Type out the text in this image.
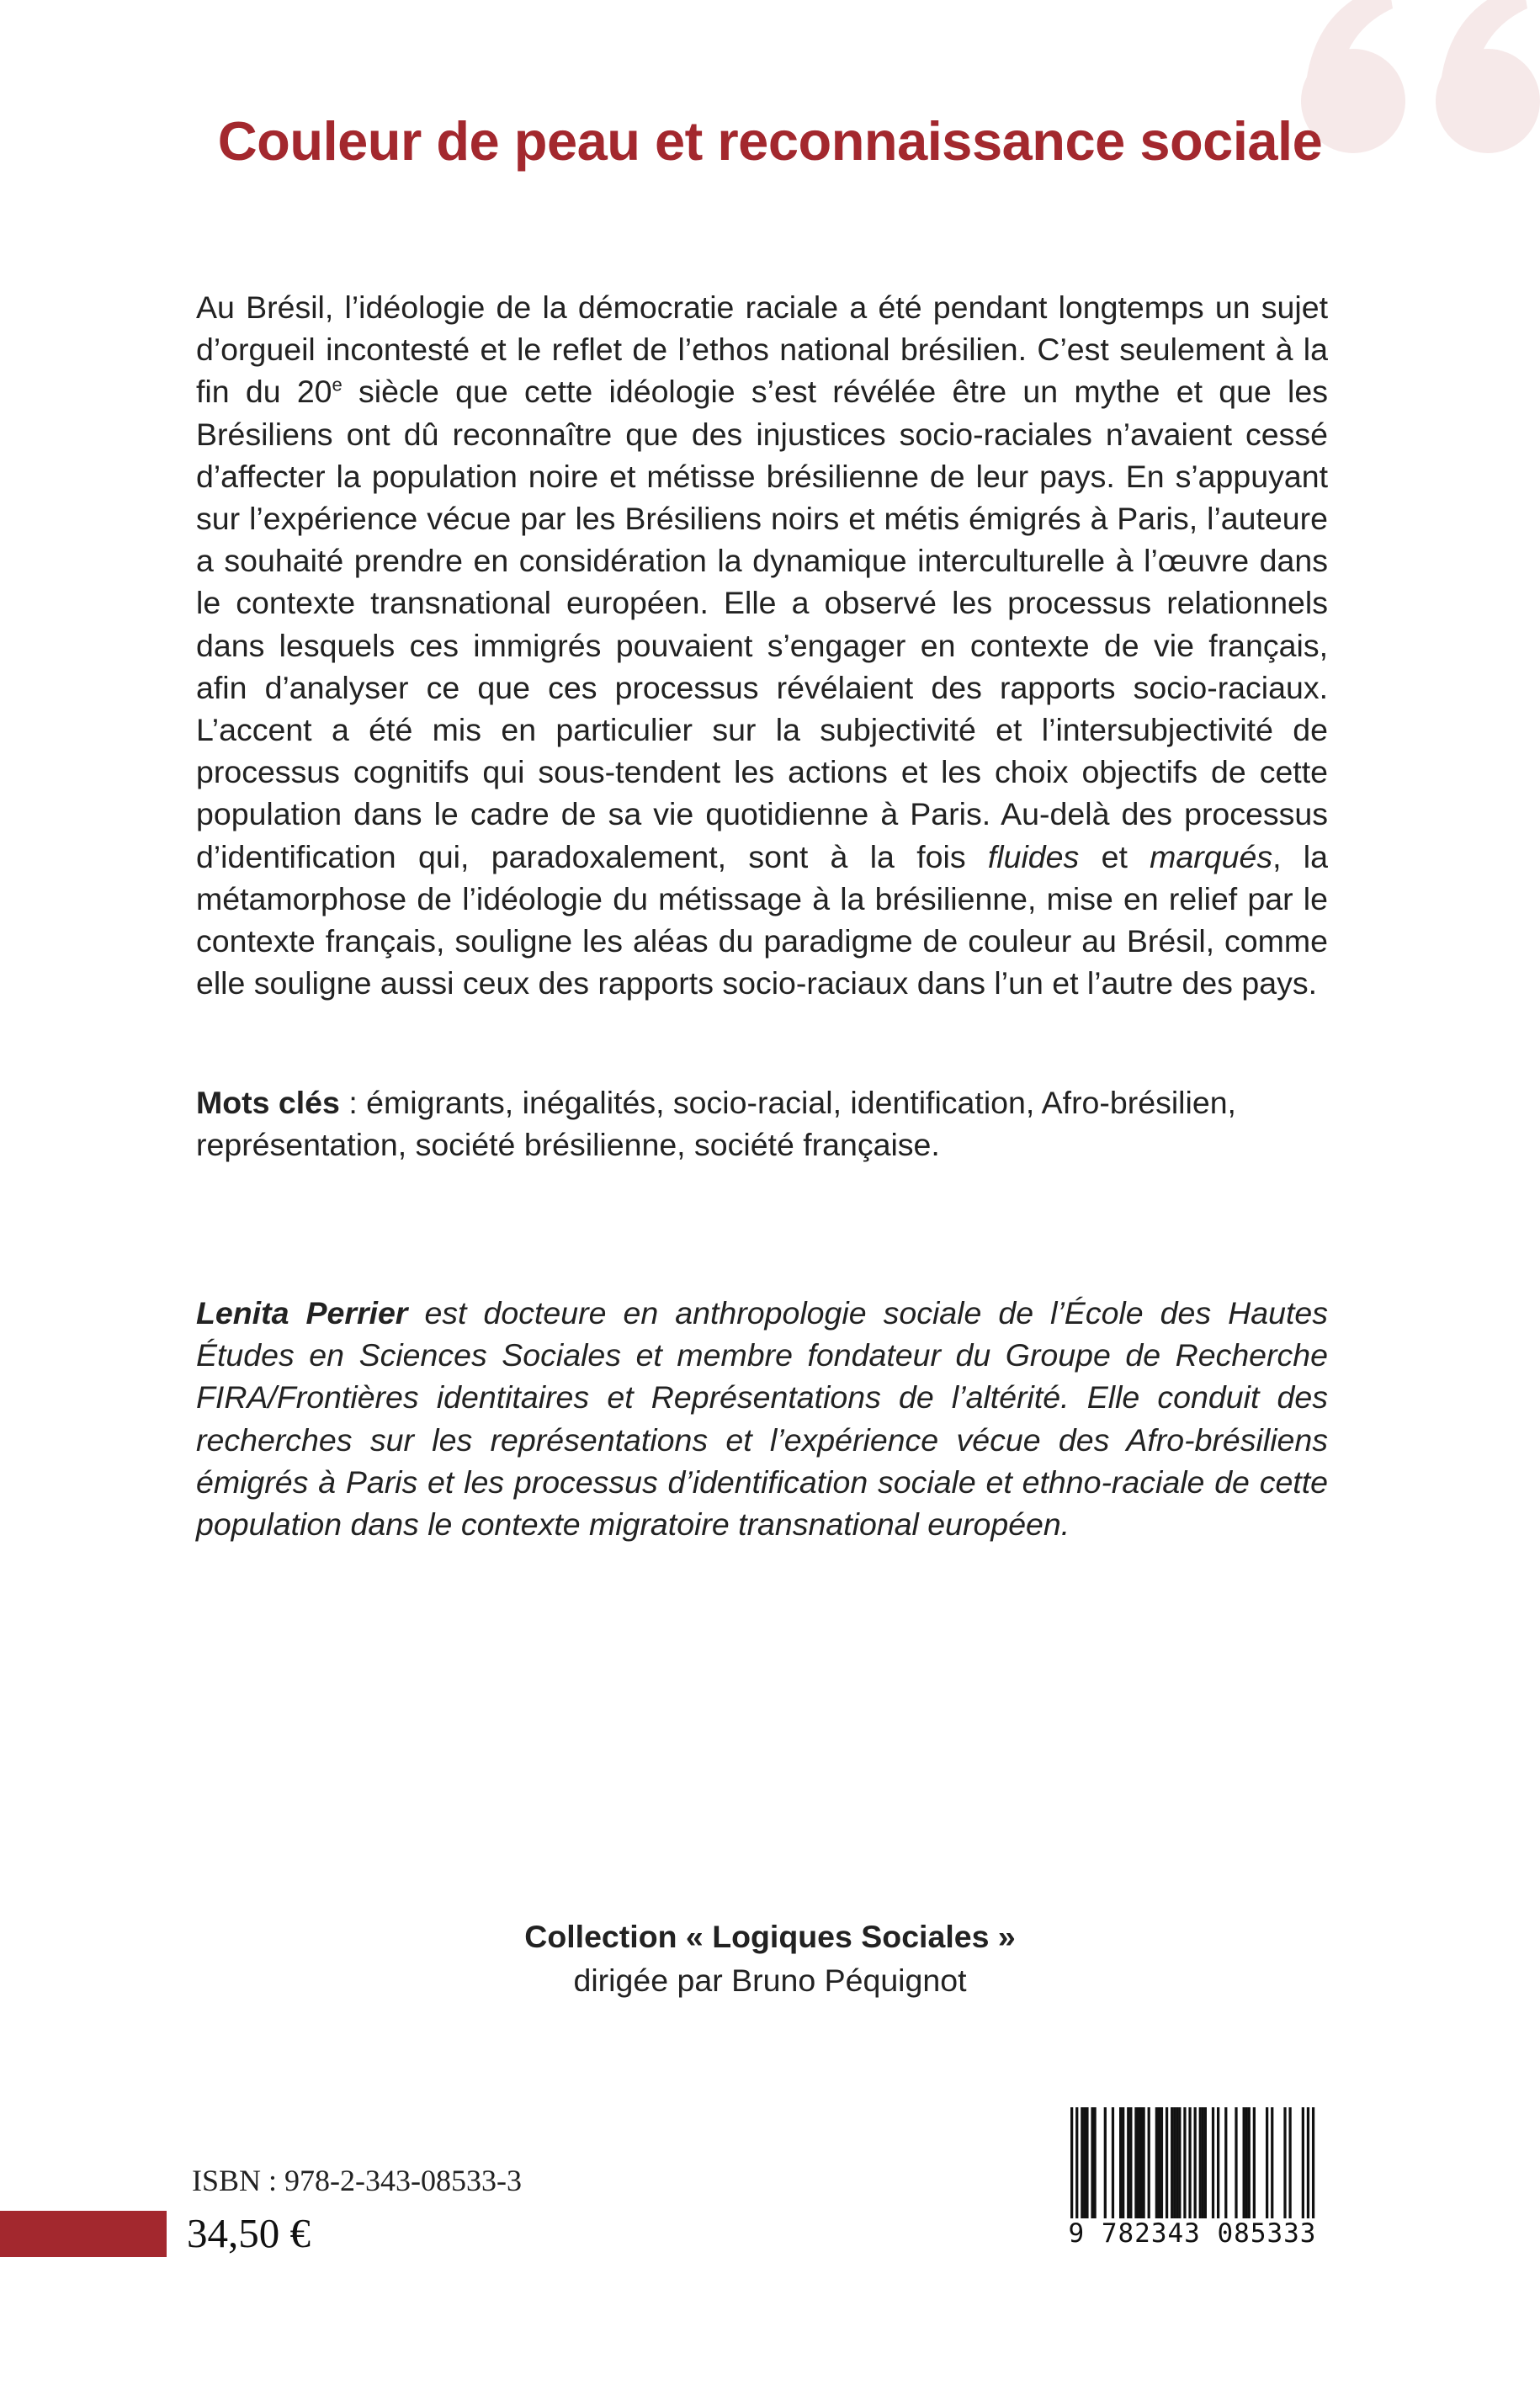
Couleur de peau et reconnaissance sociale

Au Brésil, l’idéologie de la démocratie raciale a été pendant longtemps un sujet d’orgueil incontesté et le reflet de l’ethos national brésilien. C’est seulement à la fin du 20e siècle que cette idéologie s’est révélée être un mythe et que les Brésiliens ont dû reconnaître que des injustices socio-raciales n’avaient cessé d’affecter la population noire et métisse brésilienne de leur pays. En s’appuyant sur l’expérience vécue par les Brésiliens noirs et métis émigrés à Paris, l’auteure a souhaité prendre en considération la dynamique interculturelle à l’œuvre dans le contexte transnational européen. Elle a observé les processus relationnels dans lesquels ces immigrés pouvaient s’engager en contexte de vie français, afin d’analyser ce que ces processus révélaient des rapports socio-raciaux. L’accent a été mis en particulier sur la subjectivité et l’intersubjectivité de processus cognitifs qui sous-tendent les actions et les choix objectifs de cette population dans le cadre de sa vie quotidienne à Paris. Au-delà des processus d’identification qui, paradoxalement, sont à la fois fluides et marqués, la métamorphose de l’idéologie du métissage à la brésilienne, mise en relief par le contexte français, souligne les aléas du paradigme de couleur au Brésil, comme elle souligne aussi ceux des rapports socio-raciaux dans l’un et l’autre des pays.

Mots clés : émigrants, inégalités, socio-racial, identification, Afro-brésilien, représentation, société brésilienne, société française.

Lenita Perrier est docteure en anthropologie sociale de l’École des Hautes Études en Sciences Sociales et membre fondateur du Groupe de Recherche FIRA/Frontières identitaires et Représentations de l’altérité. Elle conduit des recherches sur les représentations et l’expérience vécue des Afro-brésiliens émigrés à Paris et les processus d’identification sociale et ethno-raciale de cette population dans le contexte migratoire transnational européen.

Collection « Logiques Sociales »
dirigée par Bruno Péquignot
ISBN : 978-2-343-08533-3
34,50 €	9 782343 085333
